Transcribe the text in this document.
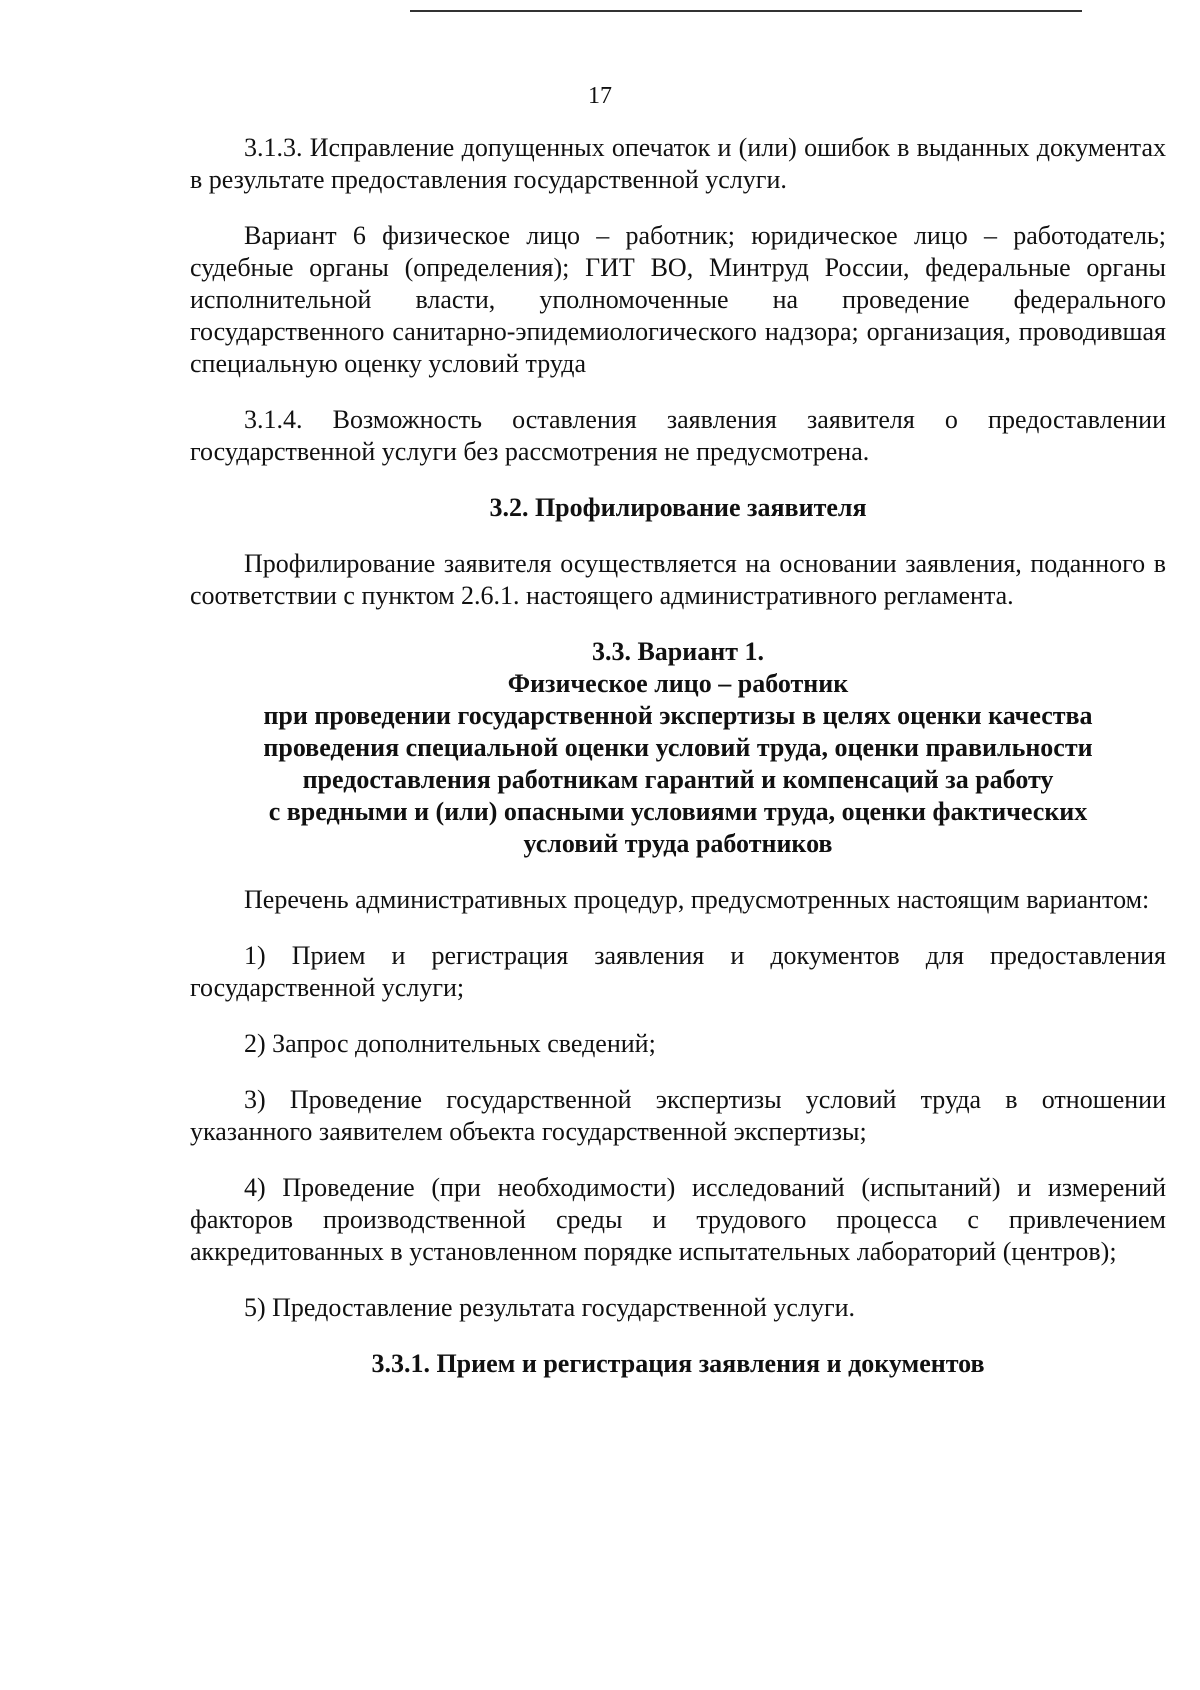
17

3.1.3. Исправление допущенных опечаток и (или) ошибок в выданных документах в результате предоставления государственной услуги.

Вариант 6 физическое лицо – работник; юридическое лицо – работодатель; судебные органы (определения); ГИТ ВО, Минтруд России, федеральные органы исполнительной власти, уполномоченные на проведение федерального государственного санитарно-эпидемиологического надзора; организация, проводившая специальную оценку условий труда

3.1.4. Возможность оставления заявления заявителя о предоставлении государственной услуги без рассмотрения не предусмотрена.

3.2. Профилирование заявителя

Профилирование заявителя осуществляется на основании заявления, поданного в соответствии с пунктом 2.6.1. настоящего административного регламента.

3.3. Вариант 1.
Физическое лицо – работник
при проведении государственной экспертизы в целях оценки качества
проведения специальной оценки условий труда, оценки правильности
предоставления работникам гарантий и компенсаций за работу
с вредными и (или) опасными условиями труда, оценки фактических
условий труда работников

Перечень административных процедур, предусмотренных настоящим вариантом:

1) Прием и регистрация заявления и документов для предоставления государственной услуги;

2) Запрос дополнительных сведений;

3) Проведение государственной экспертизы условий труда в отношении указанного заявителем объекта государственной экспертизы;

4) Проведение (при необходимости) исследований (испытаний) и измерений факторов производственной среды и трудового процесса с привлечением аккредитованных в установленном порядке испытательных лабораторий (центров);

5) Предоставление результата государственной услуги.

3.3.1. Прием и регистрация заявления и документов
